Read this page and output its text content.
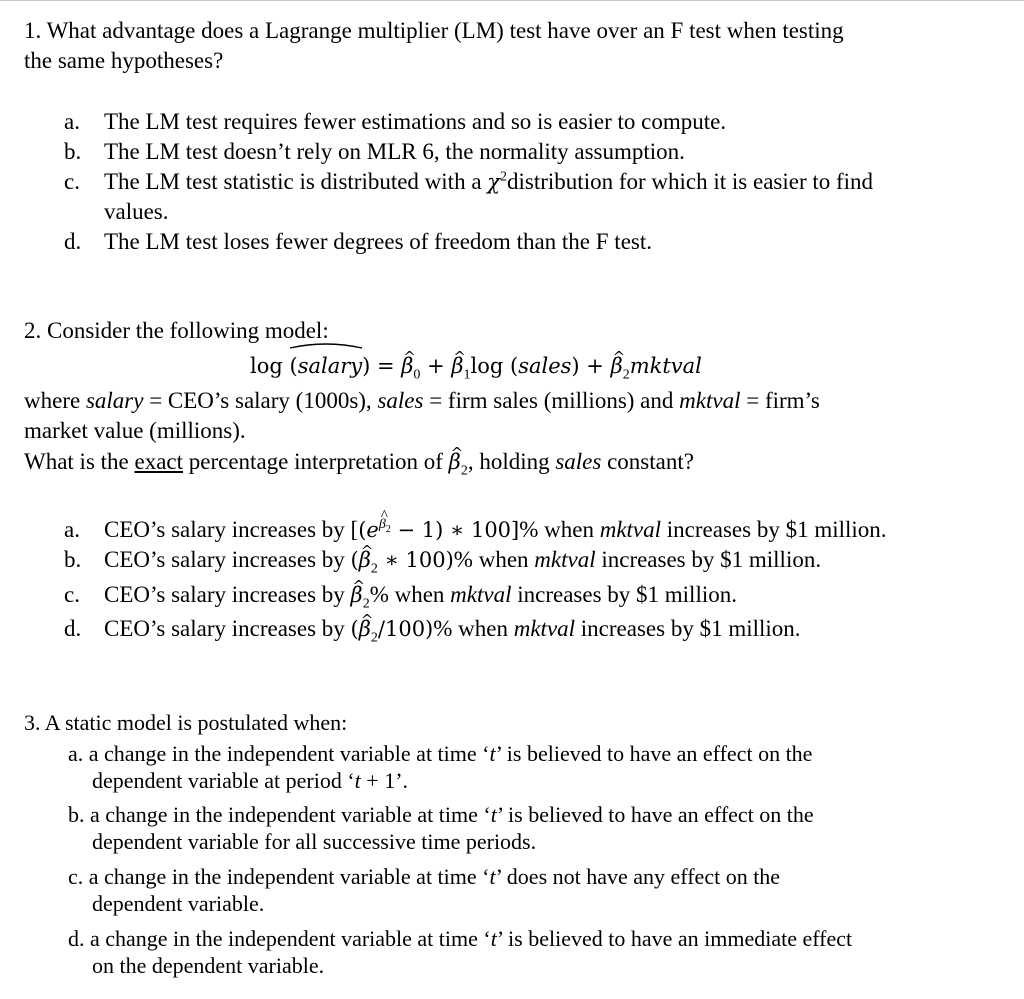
1. What advantage does a Lagrange multiplier (LM) test have over an F test when testing
the same hypotheses?
a. The LM test requires fewer estimations and so is easier to compute.
b. The LM test doesn’t rely on MLR 6, the normality assumption.
c. The LM test statistic is distributed with a $\chi^2distribution$ for which it is easier to find
values.
d. The LM test loses fewer degrees of freedom than the F test.
2. Consider the following model:
log (salary) = ^ $\beta_0$ + ^ $\beta_1\log$ (sales) + ^ $\beta_2mktval$
where salary = CEO’s salary (1000s), sales = firm sales (millions) and mktval = firm’s
market value (millions).
What is the exact percentage interpretation of ^ $\beta_2$, holding sales constant?
a. CEO’s salary increases by [$(e^{\beta_2} - 1)$ ∗ 100]% when mktval increases by $1 million.
b. CEO’s salary increases by (^ $\beta_2$ ∗ 100)% when mktval increases by $1 million.
c. CEO’s salary increases by ^ $\beta_2\%$ when mktval increases by $1 million.
d. CEO’s salary increases by (^ $\beta_2/100)\%$ when mktval increases by $1 million.
3. A static model is postulated when:
a. a change in the independent variable at time ‘t’ is believed to have an effect on the
dependent variable at period ‘t + 1’.
b. a change in the independent variable at time ‘t’ is believed to have an effect on the
dependent variable for all successive time periods.
c. a change in the independent variable at time ‘t’ does not have any effect on the
dependent variable.
d. a change in the independent variable at time ‘t’ is believed to have an immediate effect
on the dependent variable.
